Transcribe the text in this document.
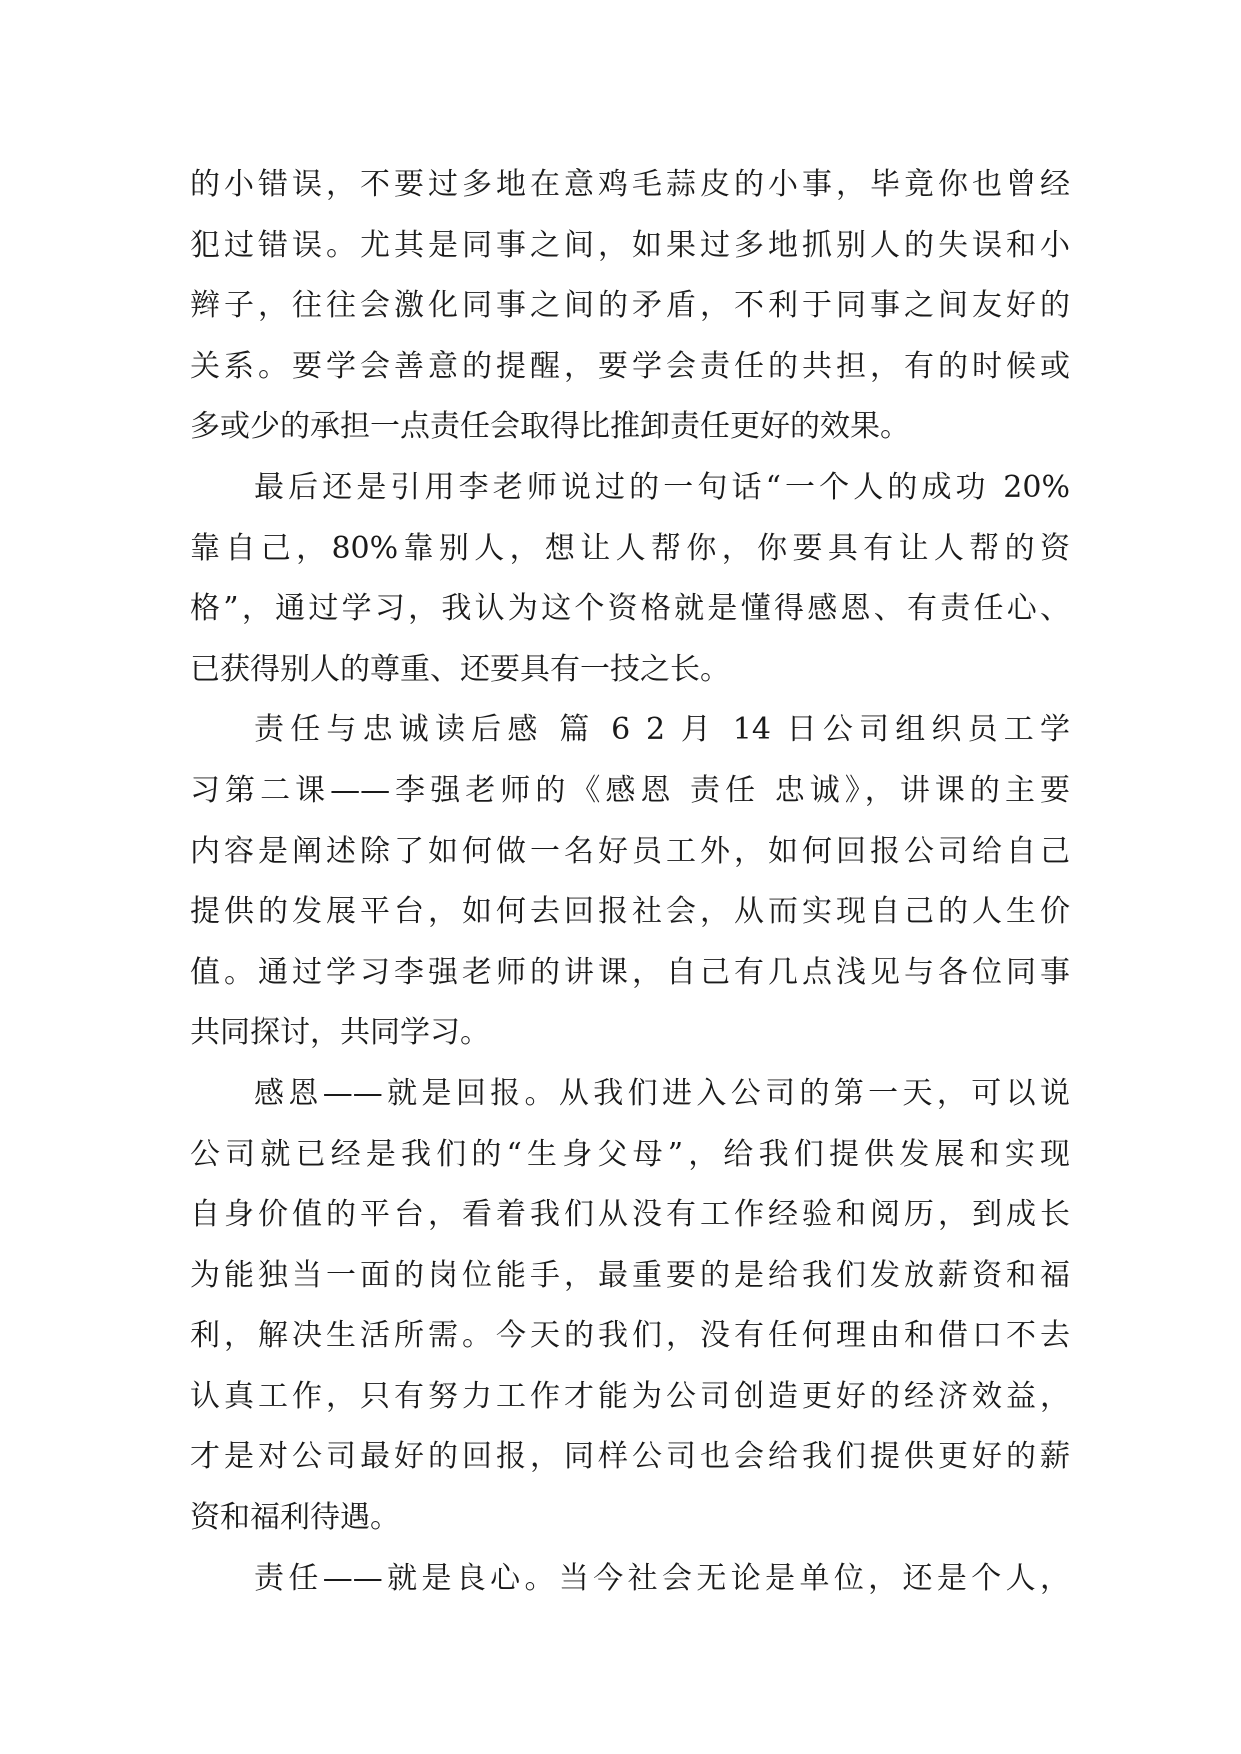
的小错误，不要过多地在意鸡毛蒜皮的小事，毕竟你也曾经
犯过错误。尤其是同事之间，如果过多地抓别人的失误和小
辫子，往往会激化同事之间的矛盾，不利于同事之间友好的
关系。要学会善意的提醒，要学会责任的共担，有的时候或
多或少的承担一点责任会取得比推卸责任更好的效果。
最后还是引用李老师说过的一句话“一个人的成功 20%
靠自己，80%靠别人，想让人帮你，你要具有让人帮的资
格”，通过学习，我认为这个资格就是懂得感恩、有责任心、
已获得别人的尊重、还要具有一技之长。
责任与忠诚读后感 篇 6 2 月 14 日公司组织员工学
习第二课——李强老师的《感恩 责任 忠诚》，讲课的主要
内容是阐述除了如何做一名好员工外，如何回报公司给自己
提供的发展平台，如何去回报社会，从而实现自己的人生价
值。通过学习李强老师的讲课，自己有几点浅见与各位同事
共同探讨，共同学习。
感恩——就是回报。从我们进入公司的第一天，可以说
公司就已经是我们的“生身父母”，给我们提供发展和实现
自身价值的平台，看着我们从没有工作经验和阅历，到成长
为能独当一面的岗位能手，最重要的是给我们发放薪资和福
利，解决生活所需。今天的我们，没有任何理由和借口不去
认真工作，只有努力工作才能为公司创造更好的经济效益，
才是对公司最好的回报，同样公司也会给我们提供更好的薪
资和福利待遇。
责任——就是良心。当今社会无论是单位，还是个人，
